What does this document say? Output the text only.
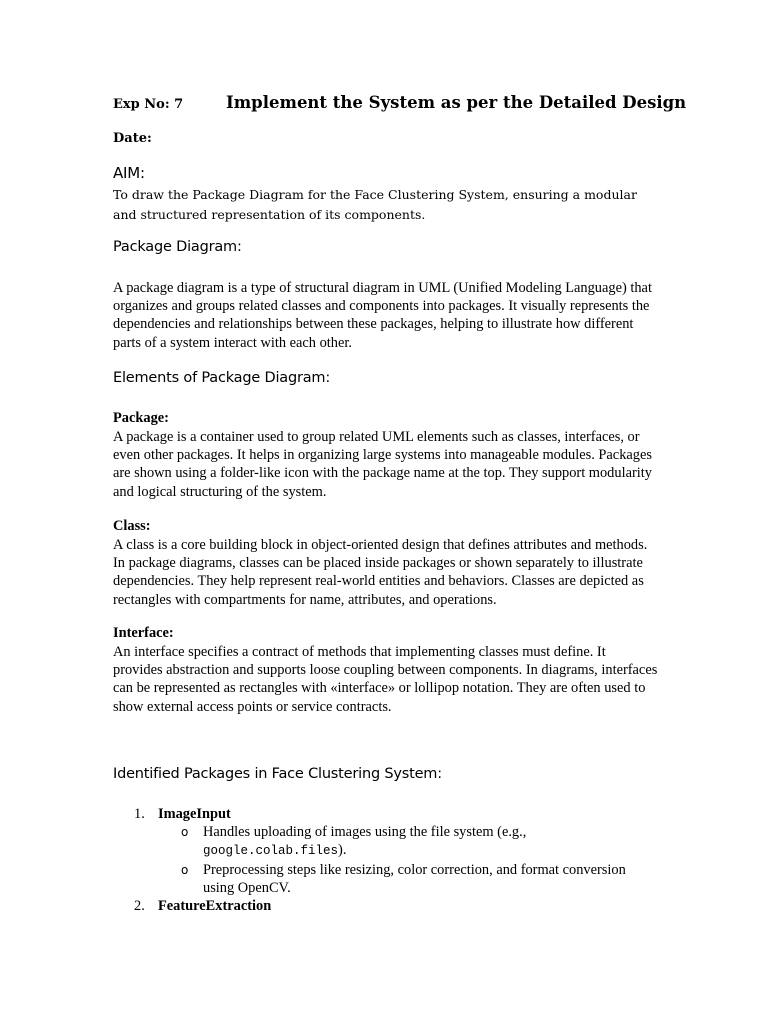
Exp No: 7	Implement the System as per the Detailed Design
Date:
AIM:
To draw the Package Diagram for the Face Clustering System, ensuring a modular and structured representation of its components.
Package Diagram:
A package diagram is a type of structural diagram in UML (Unified Modeling Language) that organizes and groups related classes and components into packages. It visually represents the dependencies and relationships between these packages, helping to illustrate how different parts of a system interact with each other.
Elements of Package Diagram:
Package:
A package is a container used to group related UML elements such as classes, interfaces, or even other packages. It helps in organizing large systems into manageable modules. Packages are shown using a folder-like icon with the package name at the top. They support modularity and logical structuring of the system.
Class:
A class is a core building block in object-oriented design that defines attributes and methods. In package diagrams, classes can be placed inside packages or shown separately to illustrate dependencies. They help represent real-world entities and behaviors. Classes are depicted as rectangles with compartments for name, attributes, and operations.
Interface:
An interface specifies a contract of methods that implementing classes must define. It provides abstraction and supports loose coupling between components. In diagrams, interfaces can be represented as rectangles with «interface» or lollipop notation. They are often used to show external access points or service contracts.
Identified Packages in Face Clustering System:
1. ImageInput
o Handles uploading of images using the file system (e.g., google.colab.files).
o Preprocessing steps like resizing, color correction, and format conversion using OpenCV.
2. FeatureExtraction
